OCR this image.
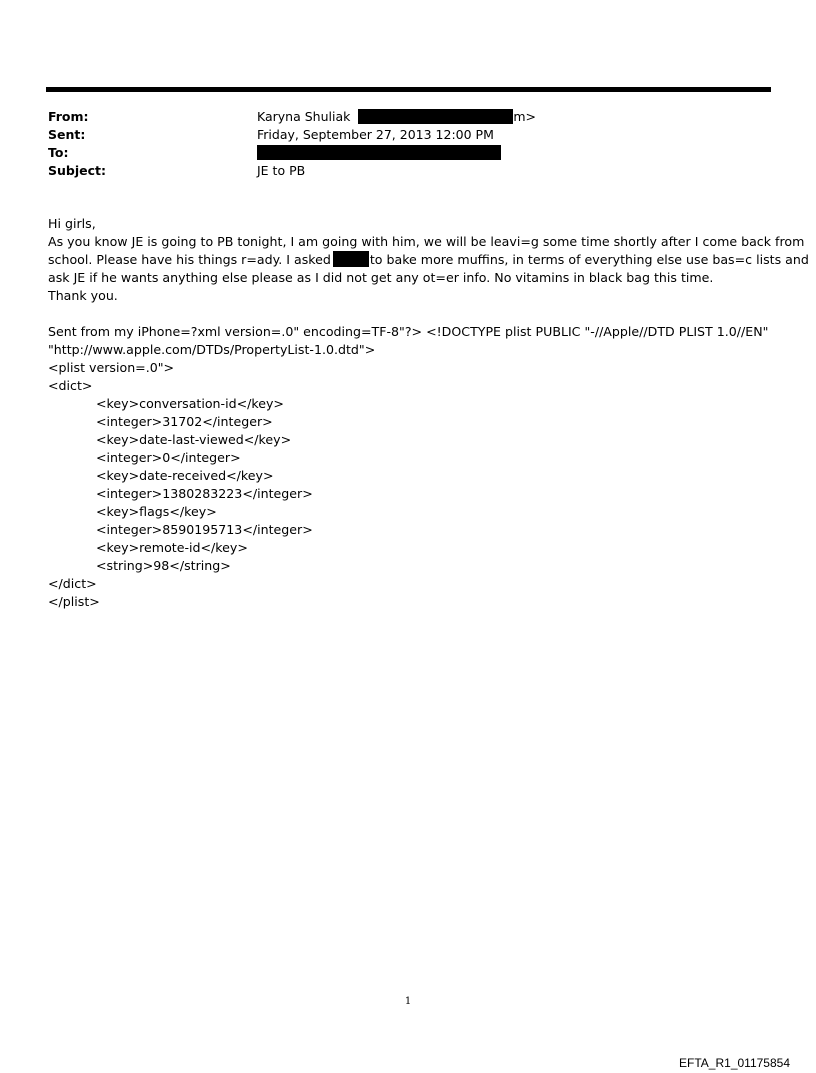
From:	Karyna Shuliak	m>
Sent:	Friday, September 27, 2013 12:00 PM
To:
Subject:	JE to PB
Hi girls,
As you know JE is going to PB tonight, I am going with him, we will be leavi=g some time shortly after I come back from
school. Please have his things r=ady. I asked	to bake more muffins, in terms of everything else use bas=c lists and
ask JE if he wants anything else please as I did not get any ot=er info. No vitamins in black bag this time.
Thank you.
Sent from my iPhone=?xml version=.0" encoding=TF-8"?> <!DOCTYPE plist PUBLIC "-//Apple//DTD PLIST 1.0//EN"
"http://www.apple.com/DTDs/PropertyList-1.0.dtd">
<plist version=.0">
<dict>
<key>conversation-id</key>
<integer>31702</integer>
<key>date-last-viewed</key>
<integer>0</integer>
<key>date-received</key>
<integer>1380283223</integer>
<key>flags</key>
<integer>8590195713</integer>
<key>remote-id</key>
<string>98</string>
</dict>
</plist>
1
EFTA_R1_01175854
